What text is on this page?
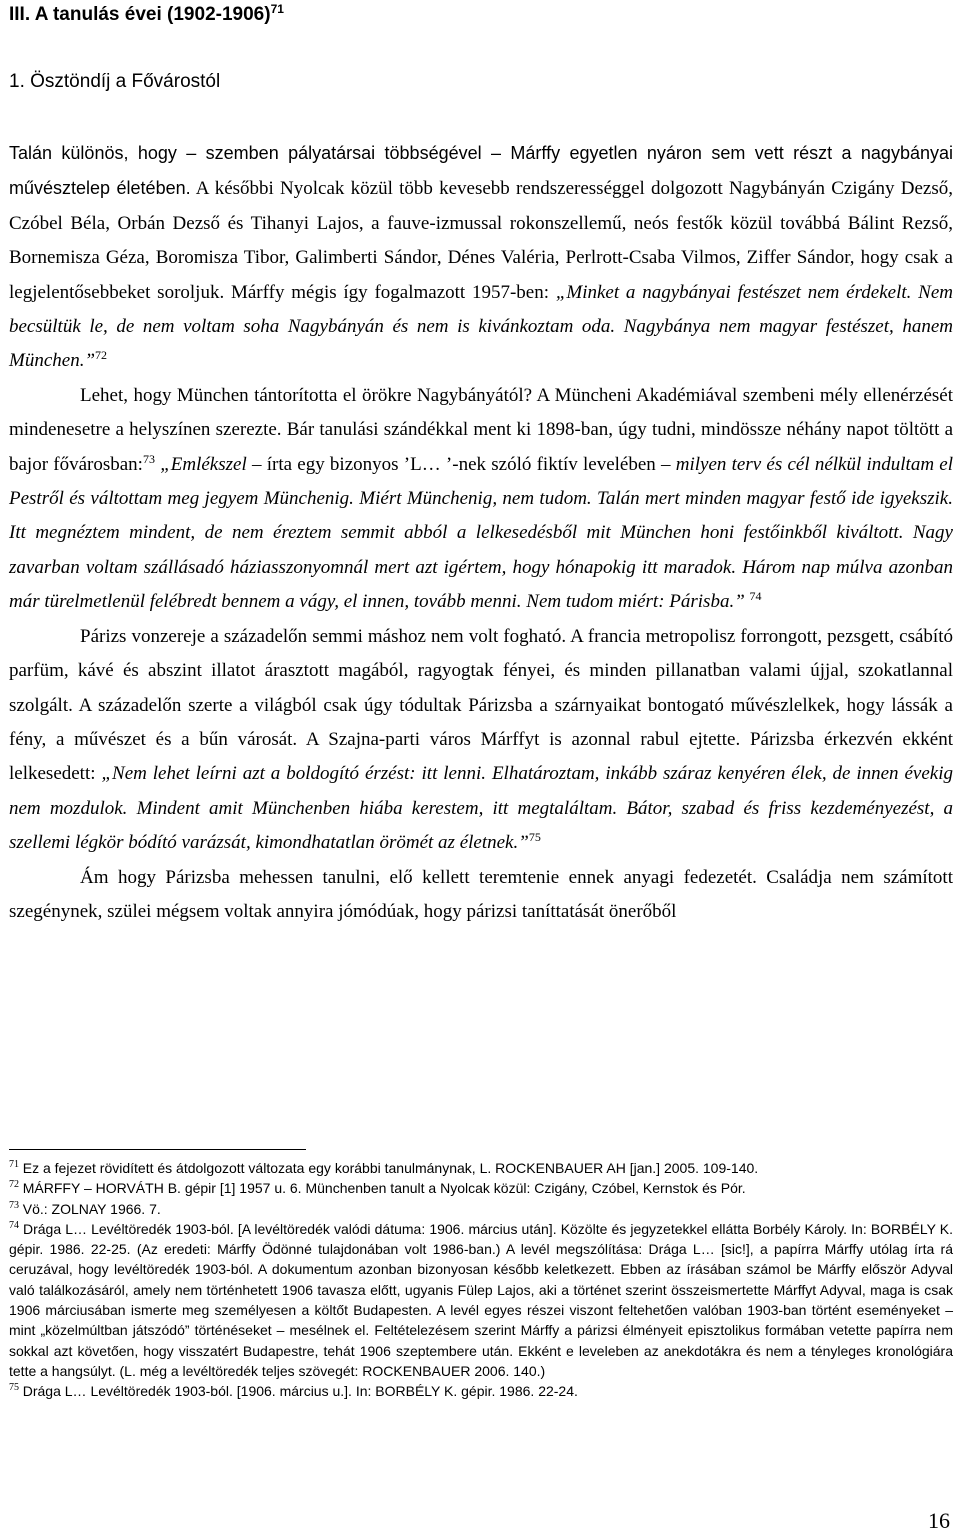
III. A tanulás évei (1902-1906)$^{71}$
1. Ösztöndíj a Fővárostól

Talán különös, hogy ‒ szemben pályatársai többségével ‒ Márffy egyetlen nyáron sem vett részt a nagybányai művésztelep életében. A későbbi Nyolcak közül több kevesebb rendszerességgel dolgozott Nagybányán Czigány Dezső, Czóbel Béla, Orbán Dezső és Tihanyi Lajos, a fauve-izmussal rokonszellemű, neós festők közül továbbá Bálint Rezső, Bornemisza Géza, Boromisza Tibor, Galimberti Sándor, Dénes Valéria, Perlrott-Csaba Vilmos, Ziffer Sándor, hogy csak a legjelentősebbeket soroljuk. Márffy mégis így fogalmazott 1957-ben: „Minket a nagybányai festészet nem érdekelt. Nem becsültük le, de nem voltam soha Nagybányán és nem is kivánkoztam oda. Nagybánya nem magyar festészet, hanem München.”$^{72}$

Lehet, hogy München tántorította el örökre Nagybányától? A Müncheni Akadémiával szembeni mély ellenérzését mindenesetre a helyszínen szerezte. Bár tanulási szándékkal ment ki 1898-ban, úgy tudni, mindössze néhány napot töltött a bajor fővárosban:$^{73}$ „Emlékszel ‒ írta egy bizonyos ’L… ’-nek szóló fiktív levelében ‒ milyen terv és cél nélkül indultam el Pestről és váltottam meg jegyem Münchenig. Miért Münchenig, nem tudom. Talán mert minden magyar festő ide igyekszik. Itt megnéztem mindent, de nem éreztem semmit abból a lelkesedésből mit München honi festőinkből kiváltott. Nagy zavarban voltam szállásadó háziasszonyomnál mert azt igértem, hogy hónapokig itt maradok. Három nap múlva azonban már türelmetlenül felébredt bennem a vágy, el innen, tovább menni. Nem tudom miért: Párisba.” $^{74}$

Párizs vonzereje a századelőn semmi máshoz nem volt fogható. A francia metropolisz forrongott, pezsgett, csábító parfüm, kávé és abszint illatot árasztott magából, ragyogtak fényei, és minden pillanatban valami újjal, szokatlannal szolgált. A századelőn szerte a világból csak úgy tódultak Párizsba a szárnyaikat bontogató művészlelkek, hogy lássák a fény, a művészet és a bűn városát. A Szajna-parti város Márffyt is azonnal rabul ejtette. Párizsba érkezvén ekként lelkesedett: „Nem lehet leírni azt a boldogító érzést: itt lenni. Elhatároztam, inkább száraz kenyéren élek, de innen évekig nem mozdulok. Mindent amit Münchenben hiába kerestem, itt megtaláltam. Bátor, szabad és friss kezdeményezést, a szellemi légkör bódító varázsát, kimondhatatlan örömét az életnek.”$^{75}$

Ám hogy Párizsba mehessen tanulni, elő kellett teremtenie ennek anyagi fedezetét. Családja nem számított szegénynek, szülei mégsem voltak annyira jómódúak, hogy párizsi taníttatását önerőből

$^{71}$ Ez a fejezet rövidített és átdolgozott változata egy korábbi tanulmánynak, L. ROCKENBAUER AH [jan.] 2005. 109-140.

$^{72}$ MÁRFFY ‒ HORVÁTH B. gépir [1] 1957 u. 6. Münchenben tanult a Nyolcak közül: Czigány, Czóbel, Kernstok és Pór.

$^{73}$ Vö.: ZOLNAY 1966. 7.

$^{74}$ Drága L… Levéltöredék 1903-ból. [A levéltöredék valódi dátuma: 1906. március után]. Közölte és jegyzetekkel ellátta Borbély Károly. In: BORBÉLY K. gépir. 1986. 22-25. (Az eredeti: Márffy Ödönné tulajdonában volt 1986-ban.) A levél megszólítása: Drága L… [sic!], a papírra Márffy utólag írta rá ceruzával, hogy levéltöredék 1903-ból. A dokumentum azonban bizonyosan később keletkezett. Ebben az írásában számol be Márffy először Adyval való találkozásáról, amely nem történhetett 1906 tavasza előtt, ugyanis Fülep Lajos, aki a történet szerint összeismertette Márffyt Adyval, maga is csak 1906 márciusában ismerte meg személyesen a költőt Budapesten. A levél egyes részei viszont feltehetően valóban 1903-ban történt eseményeket ‒ mint „közelmúltban játszódó” történéseket ‒ mesélnek el. Feltételezésem szerint Márffy a párizsi élményeit episztolikus formában vetette papírra nem sokkal azt követően, hogy visszatért Budapestre, tehát 1906 szeptembere után. Ekként e leveleben az anekdotákra és nem a tényleges kronológiára tette a hangsúlyt. (L. még a levéltöredék teljes szövegét: ROCKENBAUER 2006. 140.)

$^{75}$ Drága L… Levéltöredék 1903-ból. [1906. március u.]. In: BORBÉLY K. gépir. 1986. 22-24.

16
